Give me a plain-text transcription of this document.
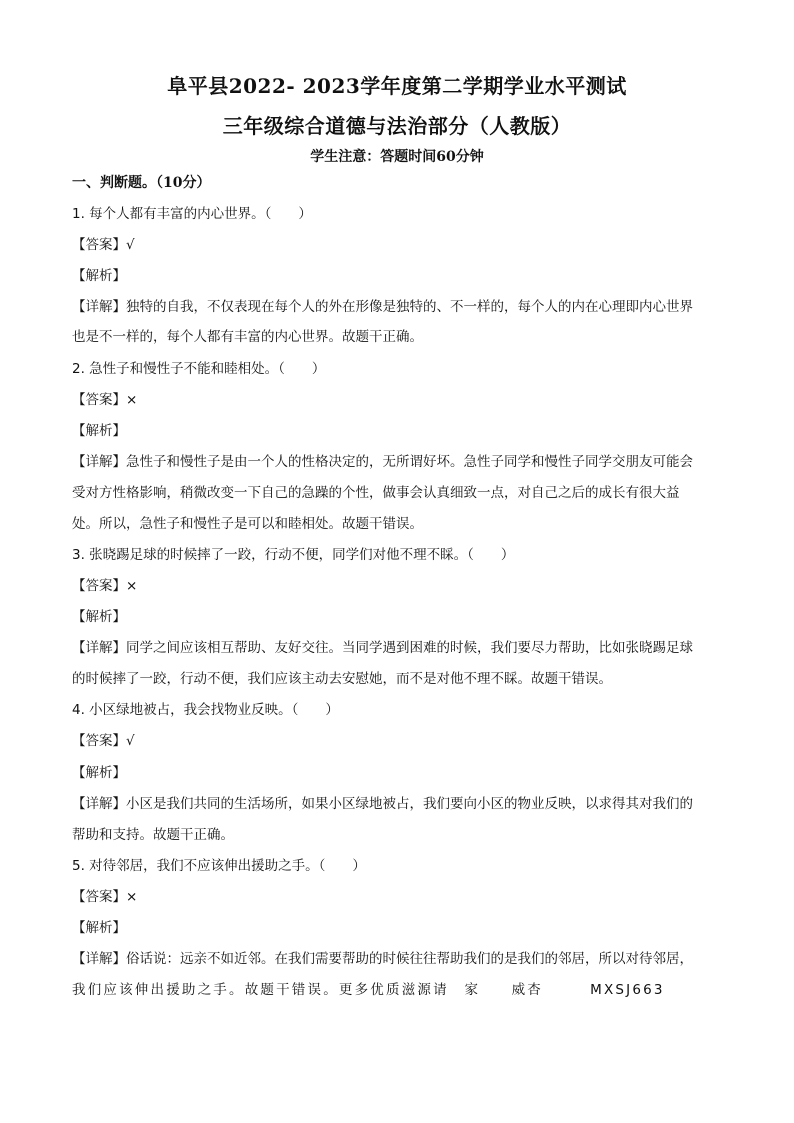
阜平县2022- 2023学年度第二学期学业水平测试
三年级综合道德与法治部分（人教版）
学生注意：答题时间60分钟
一、判断题。（10分）
1. 每个人都有丰富的内心世界。（　　）
【答案】√
【解析】
【详解】独特的自我，不仅表现在每个人的外在形像是独特的、不一样的，每个人的内在心理即内心世界
也是不一样的，每个人都有丰富的内心世界。故题干正确。
2. 急性子和慢性子不能和睦相处。（　　）
【答案】×
【解析】
【详解】急性子和慢性子是由一个人的性格决定的，无所谓好坏。急性子同学和慢性子同学交朋友可能会
受对方性格影响，稍微改变一下自己的急躁的个性，做事会认真细致一点，对自己之后的成长有很大益
处。所以，急性子和慢性子是可以和睦相处。故题干错误。
3. 张晓踢足球的时候摔了一跤，行动不便，同学们对他不理不睬。（　　）
【答案】×
【解析】
【详解】同学之间应该相互帮助、友好交往。当同学遇到困难的时候，我们要尽力帮助，比如张晓踢足球
的时候摔了一跤，行动不便，我们应该主动去安慰她，而不是对他不理不睬。故题干错误。
4. 小区绿地被占，我会找物业反映。（　　）
【答案】√
【解析】
【详解】小区是我们共同的生活场所，如果小区绿地被占，我们要向小区的物业反映，以求得其对我们的
帮助和支持。故题干正确。
5. 对待邻居，我们不应该伸出援助之手。（　　）
【答案】×
【解析】
【详解】俗话说：远亲不如近邻。在我们需要帮助的时候往往帮助我们的是我们的邻居，所以对待邻居，
我们应该伸出援助之手。故题干错误。更多优质滋源请　家　　威杏　　　MXSJ663
